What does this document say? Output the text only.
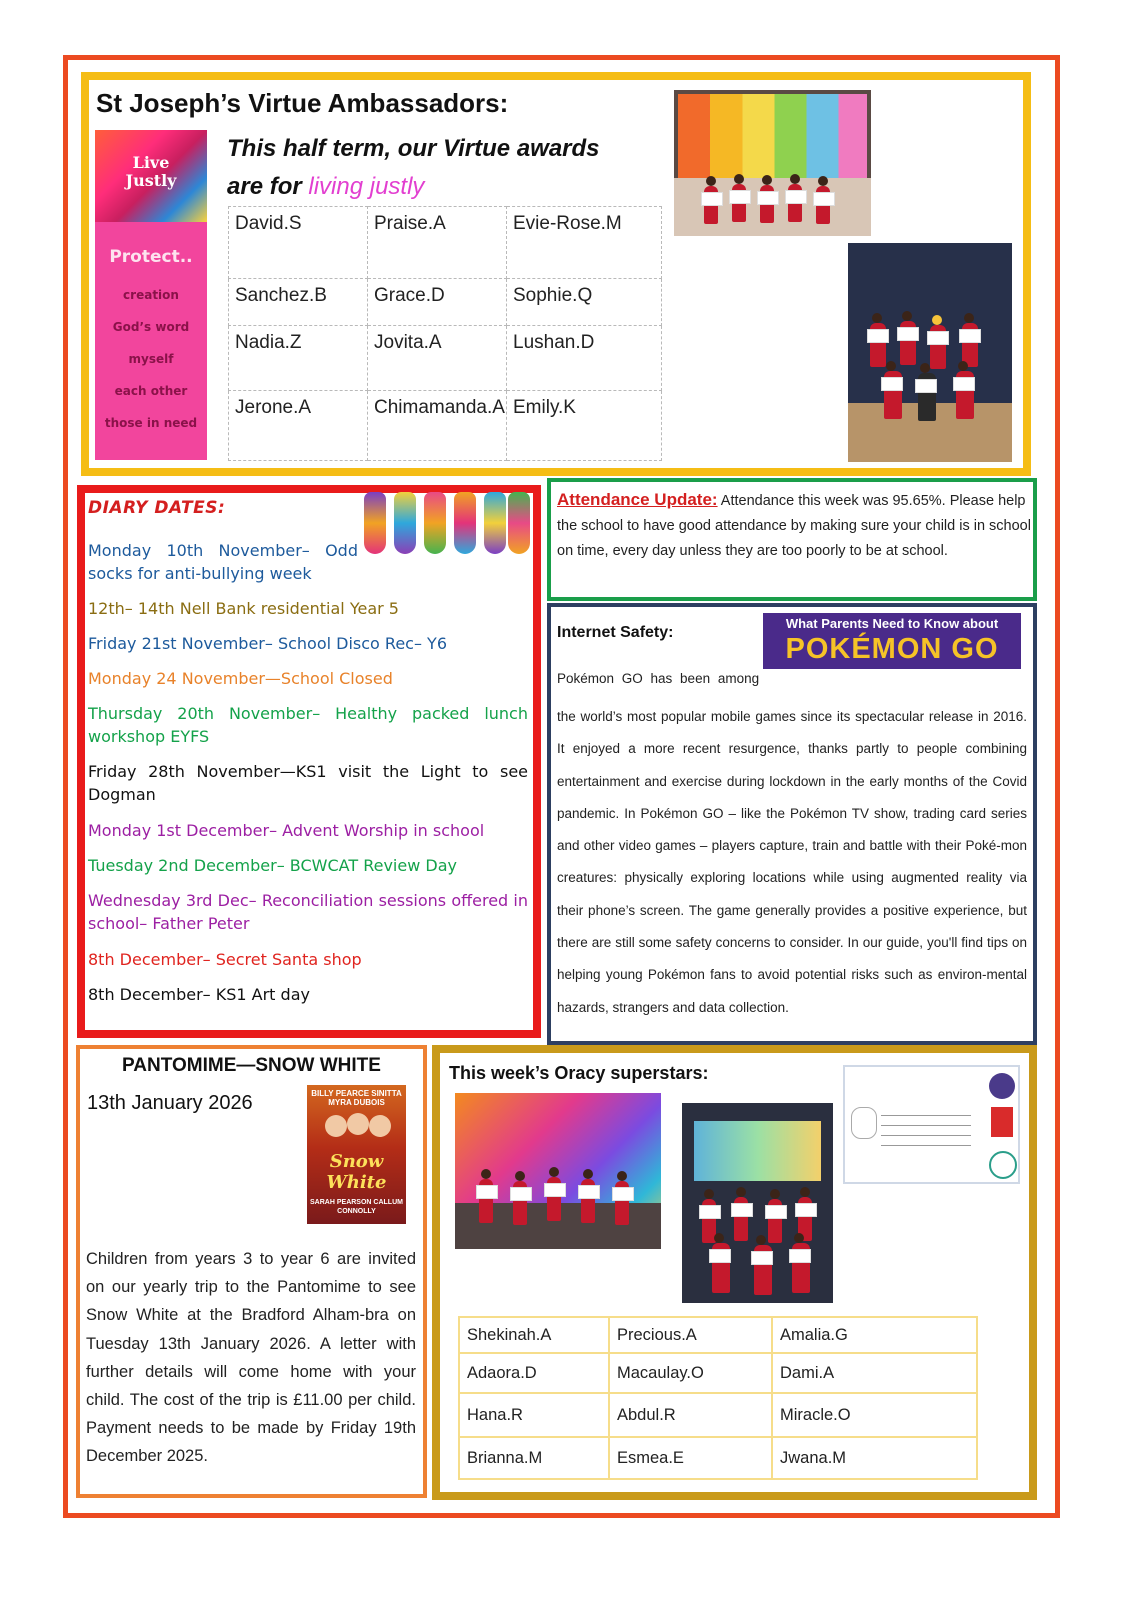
St Joseph’s Virtue Ambassadors:
This half term, our Virtue awards
are for living justly
Live Justly
Protect..
creation
God’s word
myself
each other
those in need
David.S	Praise.A	Evie-Rose.M
Sanchez.B	Grace.D	Sophie.Q
Nadia.Z	Jovita.A	Lushan.D
Jerone.A	Chimamanda.A	Emily.K
DIARY DATES:
Monday 10th November– Odd socks for anti-bullying week
12th– 14th Nell Bank residential Year 5
Friday 21st November– School Disco Rec– Y6
Monday 24 November—School Closed
Thursday 20th November– Healthy packed lunch workshop EYFS
Friday 28th November—KS1 visit the Light to see Dogman
Monday 1st December– Advent Worship in school
Tuesday 2nd December– BCWCAT Review Day
Wednesday 3rd Dec– Reconciliation sessions offered in school– Father Peter
8th December– Secret Santa shop
8th December– KS1 Art day
Attendance Update: Attendance this week was 95.65%. Please help the school to have good attendance by making sure your child is in school on time, every day unless they are too poorly to be at school.
Internet Safety:
What Parents Need to Know about
POKÉMON GO
Pokémon GO has been among
the world’s most popular mobile games since its spectacular release in 2016. It enjoyed a more recent resurgence, thanks partly to people combining entertainment and exercise during lockdown in the early months of the Covid pandemic. In Pokémon GO – like the Pokémon TV show, trading card series and other video games – players capture, train and battle with their Poké-mon creatures: physically exploring locations while using augmented reality via their phone’s screen. The game generally provides a positive experience, but there are still some safety concerns to consider. In our guide, you'll find tips on helping young Pokémon fans to avoid potential risks such as environ-mental hazards, strangers and data collection.
PANTOMIME—SNOW WHITE
13th January 2026	BILLY PEARCE SINITTA MYRA DUBOIS
Snow White
SARAH PEARSON CALLUM CONNOLLY
Children from years 3 to year 6 are invited on our yearly trip to the Pantomime to see Snow White at the Bradford Alham-bra on Tuesday 13th January 2026. A letter with further details will come home with your child. The cost of the trip is £11.00 per child. Payment needs to be made by Friday 19th December 2025.
This week’s Oracy superstars:
Shekinah.A	Precious.A	Amalia.G
Adaora.D	Macaulay.O	Dami.A
Hana.R	Abdul.R	Miracle.O
Brianna.M	Esmea.E	Jwana.M
